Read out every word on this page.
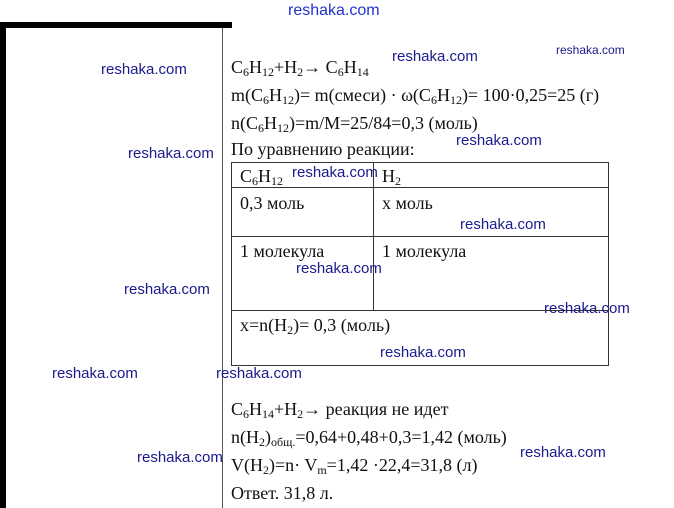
$C_6H_{12}+H_2\to C_6H_{14}$
$m(C_6H_{12})=$ m(смеси) · $\omega(C_6H_{12})= 100\cdot 0,25=25$ (г)
$n(C_6H_{12})=m/M=25/84=0,3$ (моль)
По уравнению реакции:
$C_6H_{12}$	$H_2$
0,3 моль	x моль
1 молекула	1 молекула
$x=n(H_2)= 0,3$ (моль)
$C_6H_{14}+H_2\to$ реакция не идет
$n(H_2)_{общ.}=0,64+0,48+0,3=1,42$ (моль)
$V(H_2)=n\cdot V_m=1,42 \cdot 22,4=31,8$ (л)
Ответ. 31,8 л.
reshaka.com
reshaka.com
reshaka.com	reshaka.com
reshaka.com
reshaka.com
reshaka.com
reshaka.com
reshaka.com
reshaka.com
reshaka.com
reshaka.com
reshaka.com	reshaka.com
reshaka.com	reshaka.com
